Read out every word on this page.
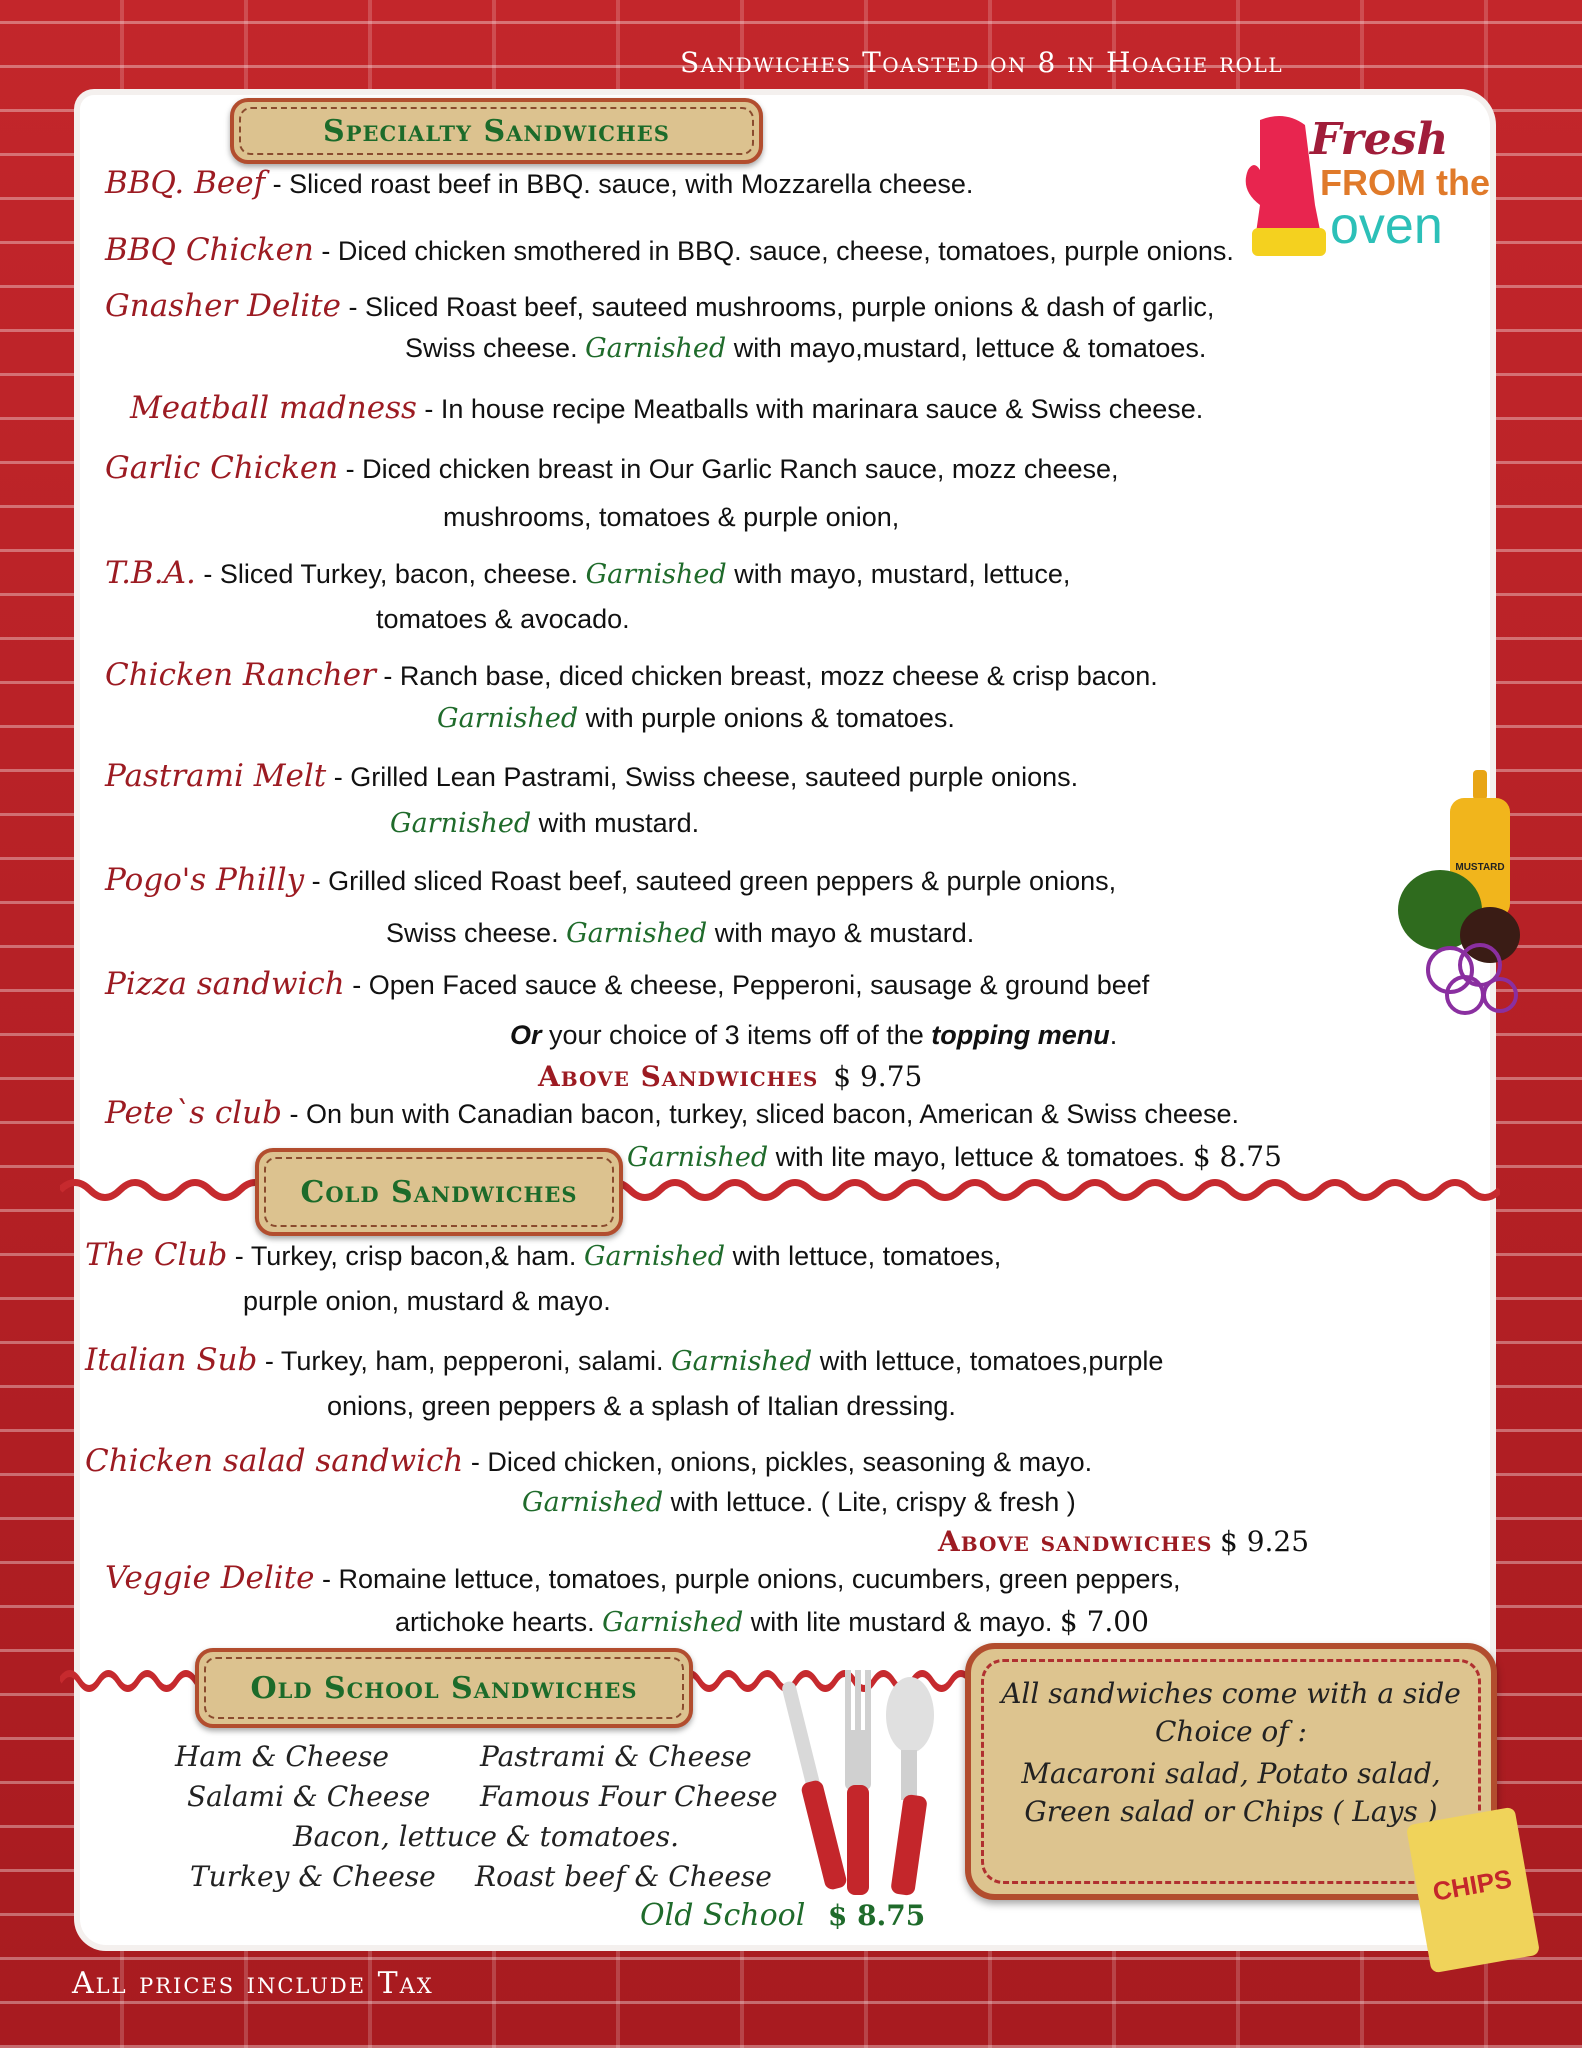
Sandwiches Toasted on 8 in Hoagie roll
Fresh
FROM the
oven
Specialty Sandwiches
BBQ. Beef - Sliced roast beef in BBQ. sauce, with Mozzarella cheese.
BBQ Chicken - Diced chicken smothered in BBQ. sauce, cheese, tomatoes, purple onions.
Gnasher Delite - Sliced Roast beef, sauteed mushrooms, purple onions & dash of garlic,
Swiss cheese. Garnished with mayo,mustard, lettuce & tomatoes.
Meatball madness - In house recipe Meatballs with marinara sauce & Swiss cheese.
Garlic Chicken - Diced chicken breast in Our Garlic Ranch sauce, mozz cheese,
mushrooms, tomatoes & purple onion,
T.B.A. - Sliced Turkey, bacon, cheese. Garnished with mayo, mustard, lettuce,
tomatoes & avocado.
Chicken Rancher - Ranch base, diced chicken breast, mozz cheese & crisp bacon.
Garnished with purple onions & tomatoes.
Pastrami Melt - Grilled Lean Pastrami, Swiss cheese, sauteed purple onions.
Garnished with mustard.
Pogo's Philly - Grilled sliced Roast beef, sauteed green peppers & purple onions,
Swiss cheese. Garnished with mayo & mustard.
Pizza sandwich - Open Faced sauce & cheese, Pepperoni, sausage & ground beef
Or your choice of 3 items off of the topping menu.
Above Sandwiches $ 9.75
Pete`s club - On bun with Canadian bacon, turkey, sliced bacon, American & Swiss cheese.
Garnished with lite mayo, lettuce & tomatoes. $ 8.75
Cold Sandwiches
The Club - Turkey, crisp bacon,& ham. Garnished with lettuce, tomatoes,
purple onion, mustard & mayo.
Italian Sub - Turkey, ham, pepperoni, salami. Garnished with lettuce, tomatoes,purple
onions, green peppers & a splash of Italian dressing.
Chicken salad sandwich - Diced chicken, onions, pickles, seasoning & mayo.
Garnished with lettuce. ( Lite, crispy & fresh )
Above sandwiches $ 9.25
Veggie Delite - Romaine lettuce, tomatoes, purple onions, cucumbers, green peppers,
artichoke hearts. Garnished with lite mustard & mayo. $ 7.00
Old School Sandwiches
Ham & Cheese	Pastrami & Cheese
Salami & Cheese Famous Four Cheese
Bacon, lettuce & tomatoes.
Turkey & Cheese Roast beef & Cheese
Old School $ 8.75
MUSTARD
All sandwiches come with a side
Choice of :
Macaroni salad, Potato salad,
Green salad or Chips ( Lays )
CHIPS
All prices include Tax
